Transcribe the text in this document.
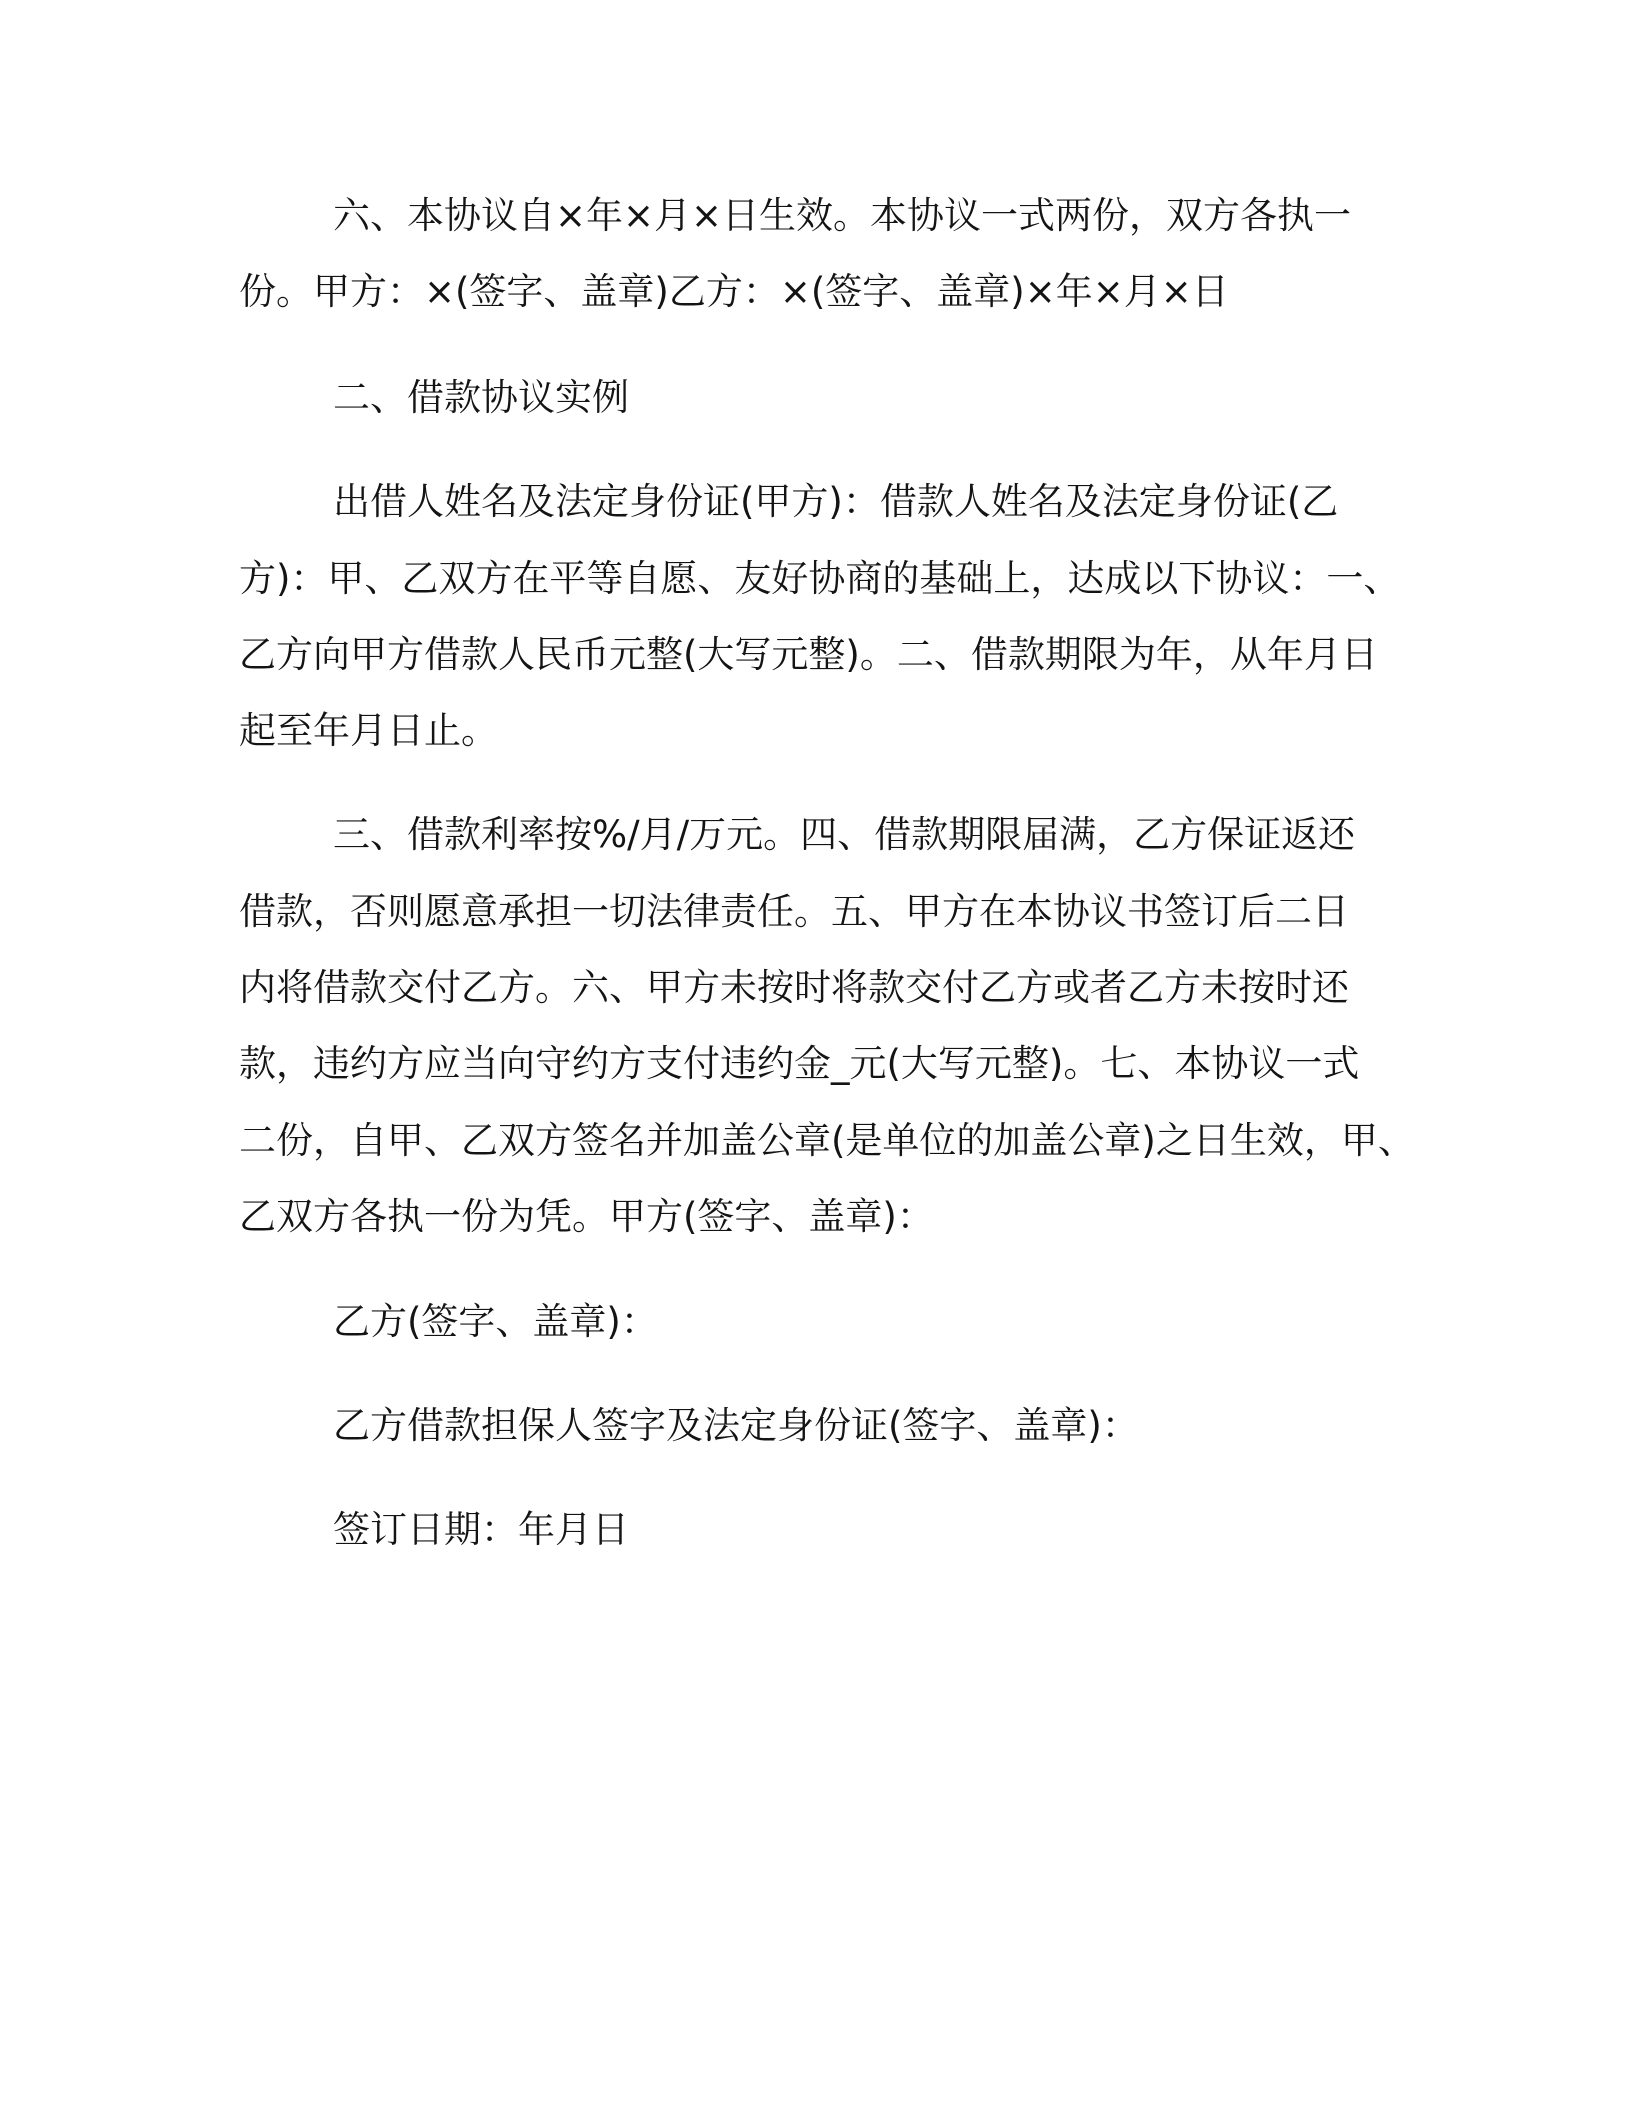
六、本协议自×年×月×日生效。本协议一式两份，双方各执一

份。甲方：×(签字、盖章)乙方：×(签字、盖章)×年×月×日

二、借款协议实例

出借人姓名及法定身份证(甲方)：借款人姓名及法定身份证(乙

方)：甲、乙双方在平等自愿、友好协商的基础上，达成以下协议：一、

乙方向甲方借款人民币元整(大写元整)。二、借款期限为年，从年月日

起至年月日止。

三、借款利率按%/月/万元。四、借款期限届满，乙方保证返还

借款，否则愿意承担一切法律责任。五、甲方在本协议书签订后二日

内将借款交付乙方。六、甲方未按时将款交付乙方或者乙方未按时还

款，违约方应当向守约方支付违约金_元(大写元整)。七、本协议一式

二份，自甲、乙双方签名并加盖公章(是单位的加盖公章)之日生效，甲、

乙双方各执一份为凭。甲方(签字、盖章)：

乙方(签字、盖章)：

乙方借款担保人签字及法定身份证(签字、盖章)：

签订日期：年月日
